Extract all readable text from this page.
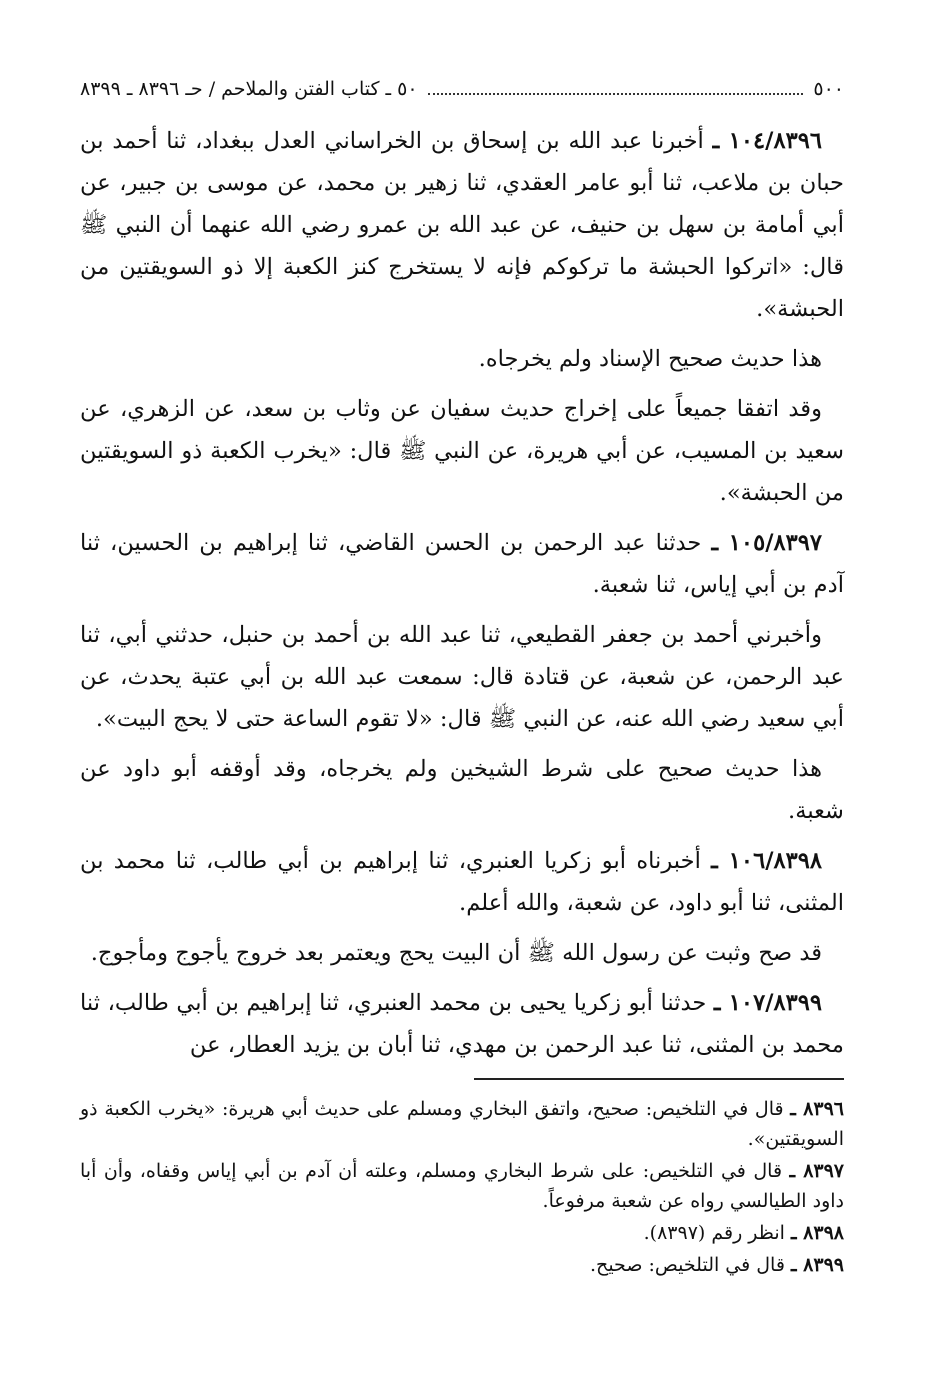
٥٠٠
٥٠ ـ كتاب الفتن والملاحم / حـ ٨٣٩٦ ـ ٨٣٩٩

١٠٤/٨٣٩٦ ـ أخبرنا عبد الله بن إسحاق بن الخراساني العدل ببغداد، ثنا أحمد بن حبان بن ملاعب، ثنا أبو عامر العقدي، ثنا زهير بن محمد، عن موسى بن جبير، عن أبي أمامة بن سهل بن حنيف، عن عبد الله بن عمرو رضي الله عنهما أن النبي ﷺ قال: «اتركوا الحبشة ما تركوكم فإنه لا يستخرج كنز الكعبة إلا ذو السويقتين من الحبشة».

هذا حديث صحيح الإسناد ولم يخرجاه.

وقد اتفقا جميعاً على إخراج حديث سفيان عن وثاب بن سعد، عن الزهري، عن سعيد بن المسيب، عن أبي هريرة، عن النبي ﷺ قال: «يخرب الكعبة ذو السويقتين من الحبشة».

١٠٥/٨٣٩٧ ـ حدثنا عبد الرحمن بن الحسن القاضي، ثنا إبراهيم بن الحسين، ثنا آدم بن أبي إياس، ثنا شعبة.

وأخبرني أحمد بن جعفر القطيعي، ثنا عبد الله بن أحمد بن حنبل، حدثني أبي، ثنا عبد الرحمن، عن شعبة، عن قتادة قال: سمعت عبد الله بن أبي عتبة يحدث، عن أبي سعيد رضي الله عنه، عن النبي ﷺ قال: «لا تقوم الساعة حتى لا يحج البيت».

هذا حديث صحيح على شرط الشيخين ولم يخرجاه، وقد أوقفه أبو داود عن شعبة.

١٠٦/٨٣٩٨ ـ أخبرناه أبو زكريا العنبري، ثنا إبراهيم بن أبي طالب، ثنا محمد بن المثنى، ثنا أبو داود، عن شعبة، والله أعلم.

قد صح وثبت عن رسول الله ﷺ أن البيت يحج ويعتمر بعد خروج يأجوج ومأجوج.

١٠٧/٨٣٩٩ ـ حدثنا أبو زكريا يحيى بن محمد العنبري، ثنا إبراهيم بن أبي طالب، ثنا محمد بن المثنى، ثنا عبد الرحمن بن مهدي، ثنا أبان بن يزيد العطار، عن

٨٣٩٦ ـ قال في التلخيص: صحيح، واتفق البخاري ومسلم على حديث أبي هريرة: «يخرب الكعبة ذو السويقتين».

٨٣٩٧ ـ قال في التلخيص: على شرط البخاري ومسلم، وعلته أن آدم بن أبي إياس وقفاه، وأن أبا داود الطيالسي رواه عن شعبة مرفوعاً.

٨٣٩٨ ـ انظر رقم (٨٣٩٧).

٨٣٩٩ ـ قال في التلخيص: صحيح.
